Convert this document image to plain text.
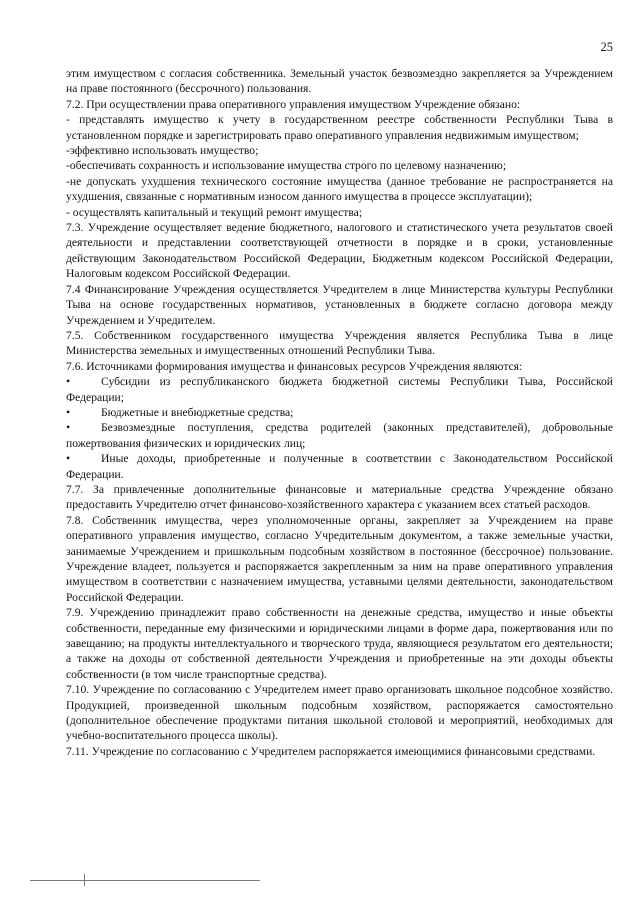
25

этим имуществом с согласия собственника. Земельный участок безвозмездно закрепляется за Учреждением на праве постоянного (бессрочного) пользования.

7.2. При осуществлении права оперативного управления имуществом Учреждение обязано:

- представлять имущество к учету в государственном реестре собственности Республики Тыва в установленном порядке и зарегистрировать право оперативного управления недвижимым имуществом;

-эффективно использовать имущество;

-обеспечивать сохранность и использование имущества строго по целевому назначению;

-не допускать ухудшения технического состояние имущества (данное требование не распространяется на ухудшения, связанные с нормативным износом данного имущества в процессе эксплуатации);

- осуществлять капитальный и текущий ремонт имущества;

7.3. Учреждение осуществляет ведение бюджетного, налогового и статистического учета результатов своей деятельности и представлении соответствующей отчетности в порядке и в сроки, установленные действующим Законодательством Российской Федерации, Бюджетным кодексом Российской Федерации, Налоговым кодексом Российской Федерации.

7.4 Финансирование Учреждения осуществляется Учредителем в лице Министерства культуры Республики Тыва на основе государственных нормативов, установленных в бюджете согласно договора между Учреждением и Учредителем.

7.5. Собственником государственного имущества Учреждения является Республика Тыва в лице Министерства земельных и имущественных отношений Республики Тыва.

7.6. Источниками формирования имущества и финансовых ресурсов Учреждения являются:

•Субсидии из республиканского бюджета бюджетной системы Республики Тыва, Российской Федерации;

•Бюджетные и внебюджетные средства;

•Безвозмездные поступления, средства родителей (законных представителей), добровольные пожертвования физических и юридических лиц;

•Иные доходы, приобретенные и полученные в соответствии с Законодательством Российской Федерации.

7.7. За привлеченные дополнительные финансовые и материальные средства Учреждение обязано предоставить Учредителю отчет финансово-хозяйственного характера с указанием всех статьей расходов.

7.8. Собственник имущества, через уполномоченные органы, закрепляет за Учреждением на праве оперативного управления имущество, согласно Учредительным документом, а также земельные участки, занимаемые Учреждением и пришкольным подсобным хозяйством в постоянное (бессрочное) пользование. Учреждение владеет, пользуется и распоряжается закрепленным за ним на праве оперативного управления имуществом в соответствии с назначением имущества, уставными целями деятельности, законодательством Российской Федерации.

7.9. Учреждению принадлежит право собственности на денежные средства, имущество и иные объекты собственности, переданные ему физическими и юридическими лицами в форме дара, пожертвования или по завещанию; на продукты интеллектуального и творческого труда, являющиеся результатом его деятельности; а также на доходы от собственной деятельности Учреждения и приобретенные на эти доходы объекты собственности (в том числе транспортные средства).

7.10. Учреждение по согласованию с Учредителем имеет право организовать школьное подсобное хозяйство. Продукцией, произведенной школьным подсобным хозяйством, распоряжается самостоятельно (дополнительное обеспечение продуктами питания школьной столовой и мероприятий, необходимых для учебно-воспитательного процесса школы).

7.11. Учреждение по согласованию с Учредителем распоряжается имеющимися финансовыми средствами.
